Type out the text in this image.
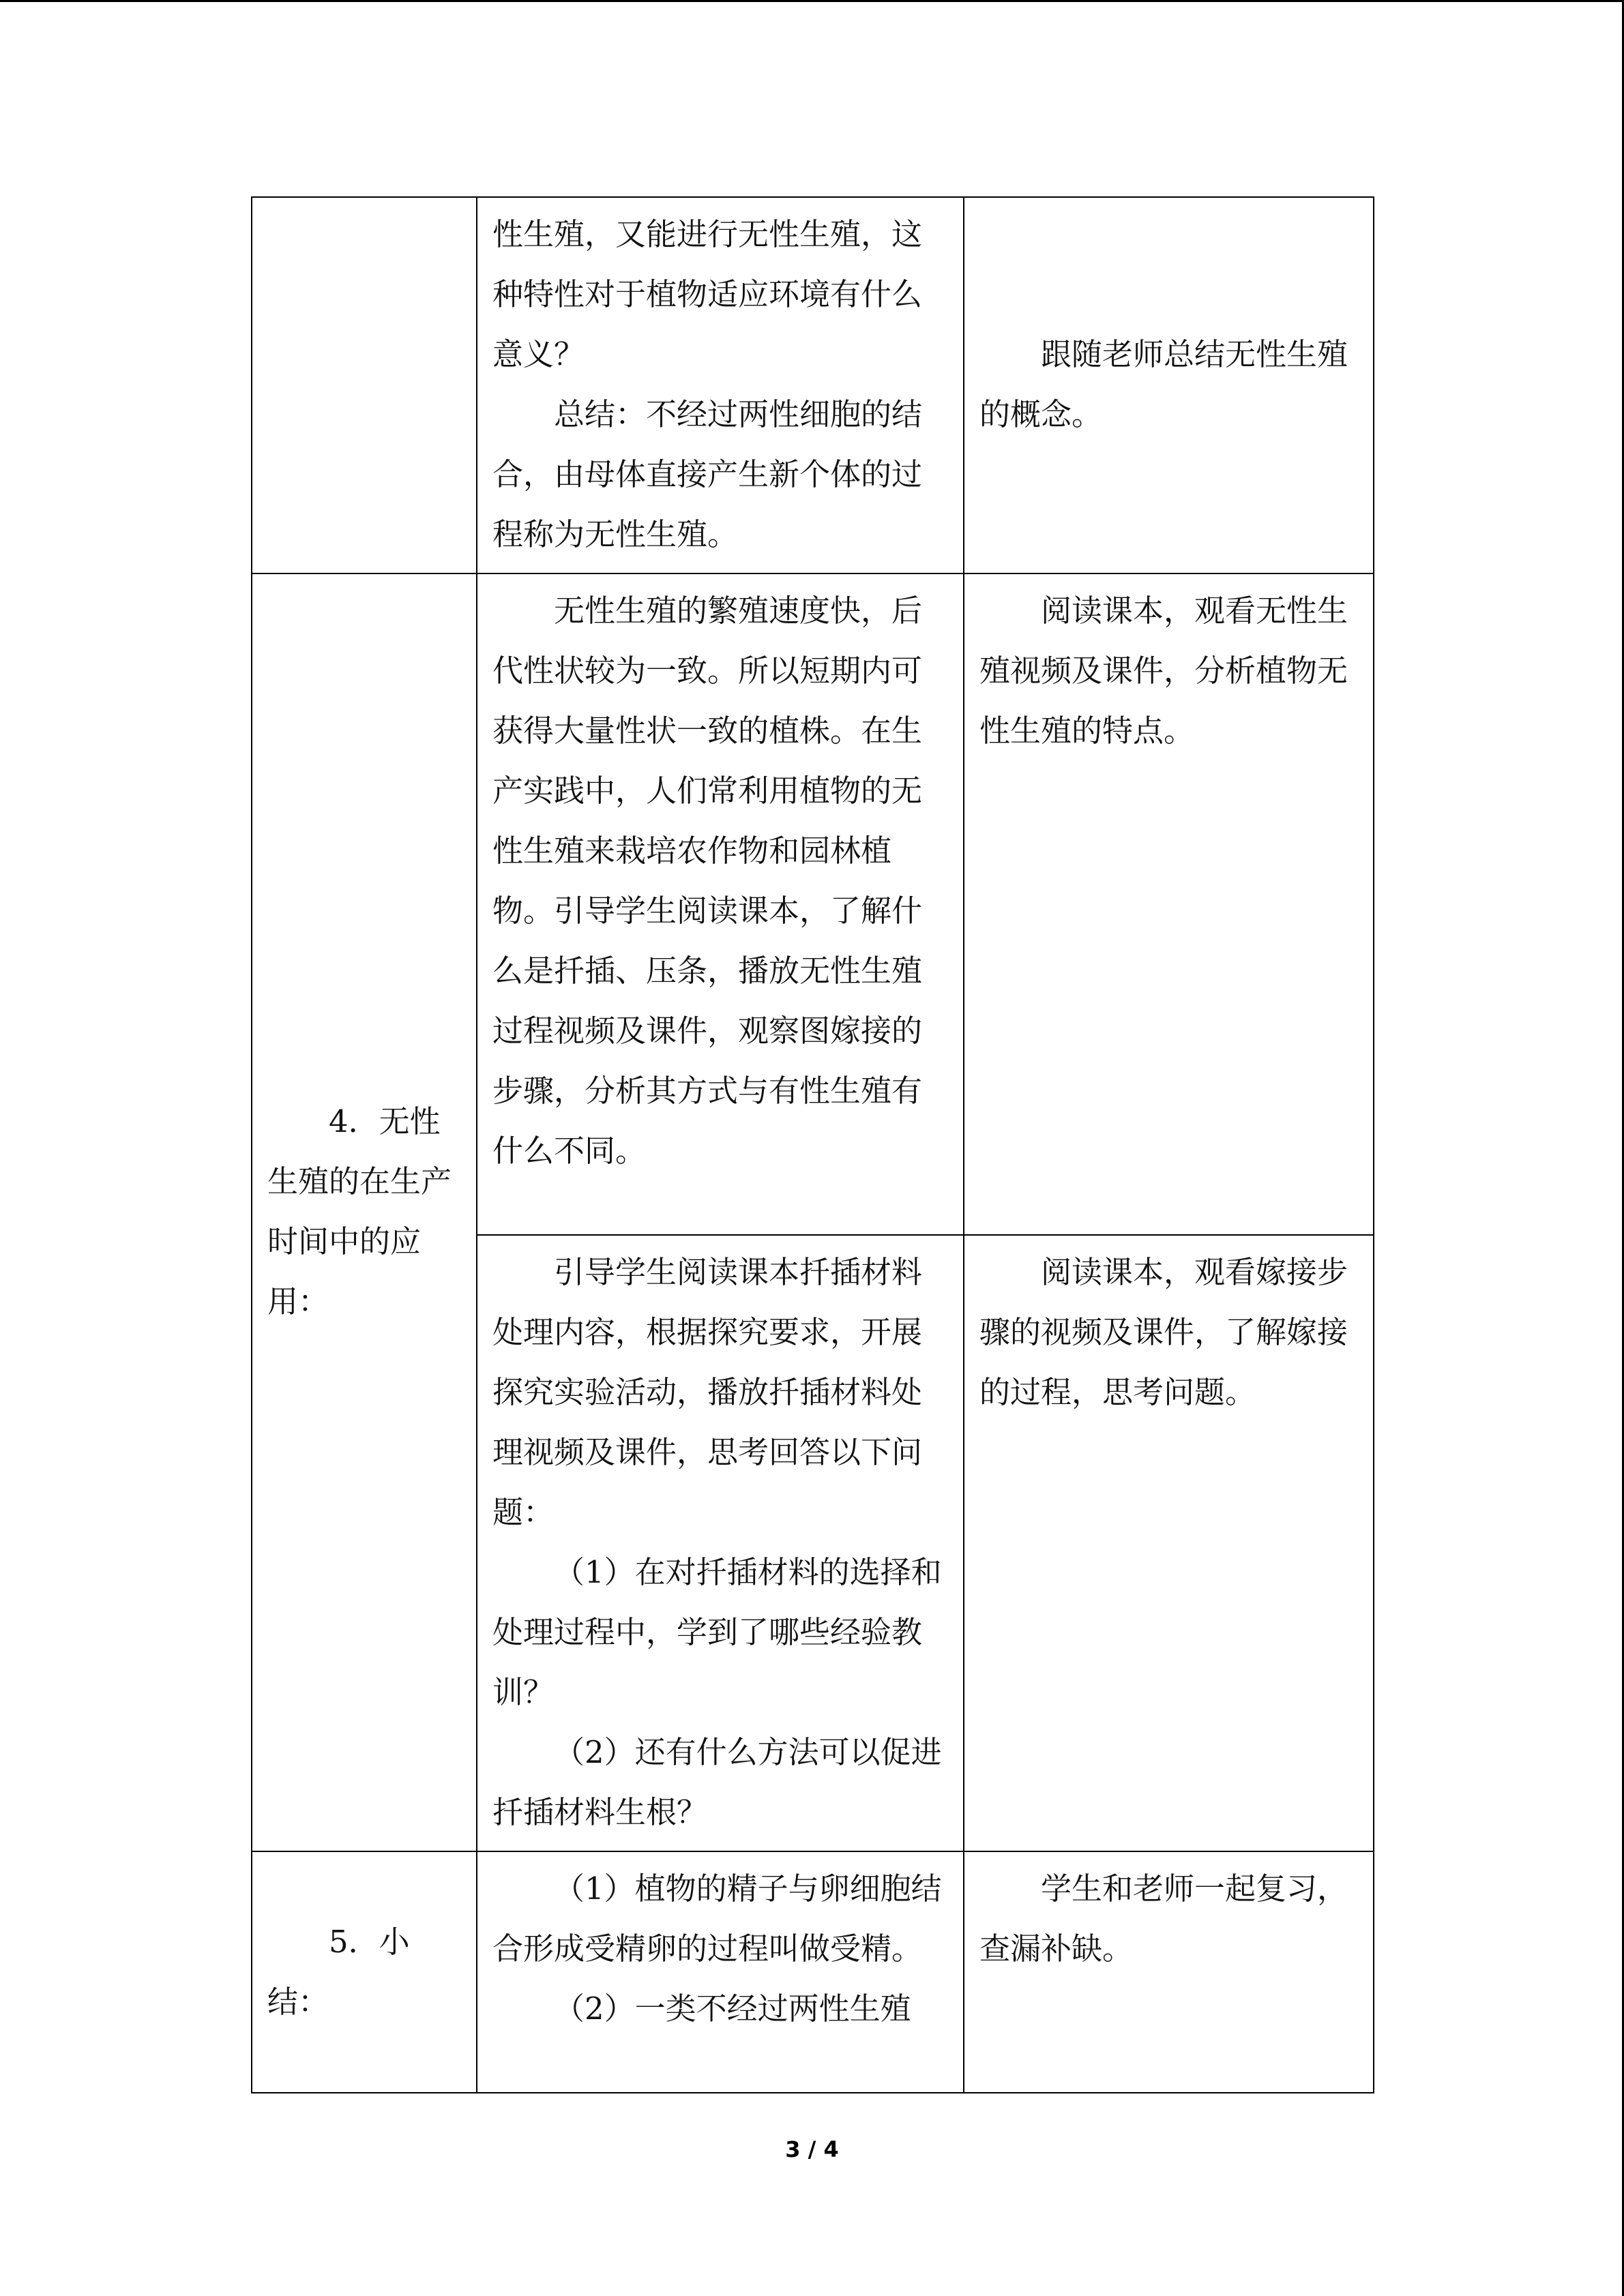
	性生殖，又能进行无性生殖，这种特性对于植物适应环境有什么意义？

总结：不经过两性细胞的结合，由母体直接产生新个体的过程称为无性生殖。	跟随老师总结无性生殖的概念。

4．无性生殖的在生产时间中的应用：	无性生殖的繁殖速度快，后代性状较为一致。所以短期内可获得大量性状一致的植株。在生产实践中，人们常利用植物的无性生殖来栽培农作物和园林植物。引导学生阅读课本，了解什么是扦插、压条，播放无性生殖过程视频及课件，观察图嫁接的步骤，分析其方式与有性生殖有什么不同。	阅读课本，观看无性生殖视频及课件，分析植物无性生殖的特点。

	引导学生阅读课本扦插材料处理内容，根据探究要求，开展探究实验活动，播放扦插材料处理视频及课件，思考回答以下问题：

（1）在对扦插材料的选择和处理过程中，学到了哪些经验教训？

（2）还有什么方法可以促进扦插材料生根？	阅读课本，观看嫁接步骤的视频及课件，了解嫁接的过程，思考问题。

5．小结：	（1）植物的精子与卵细胞结合形成受精卵的过程叫做受精。

（2）一类不经过两性生殖	学生和老师一起复习，查漏补缺。

3 / 4
